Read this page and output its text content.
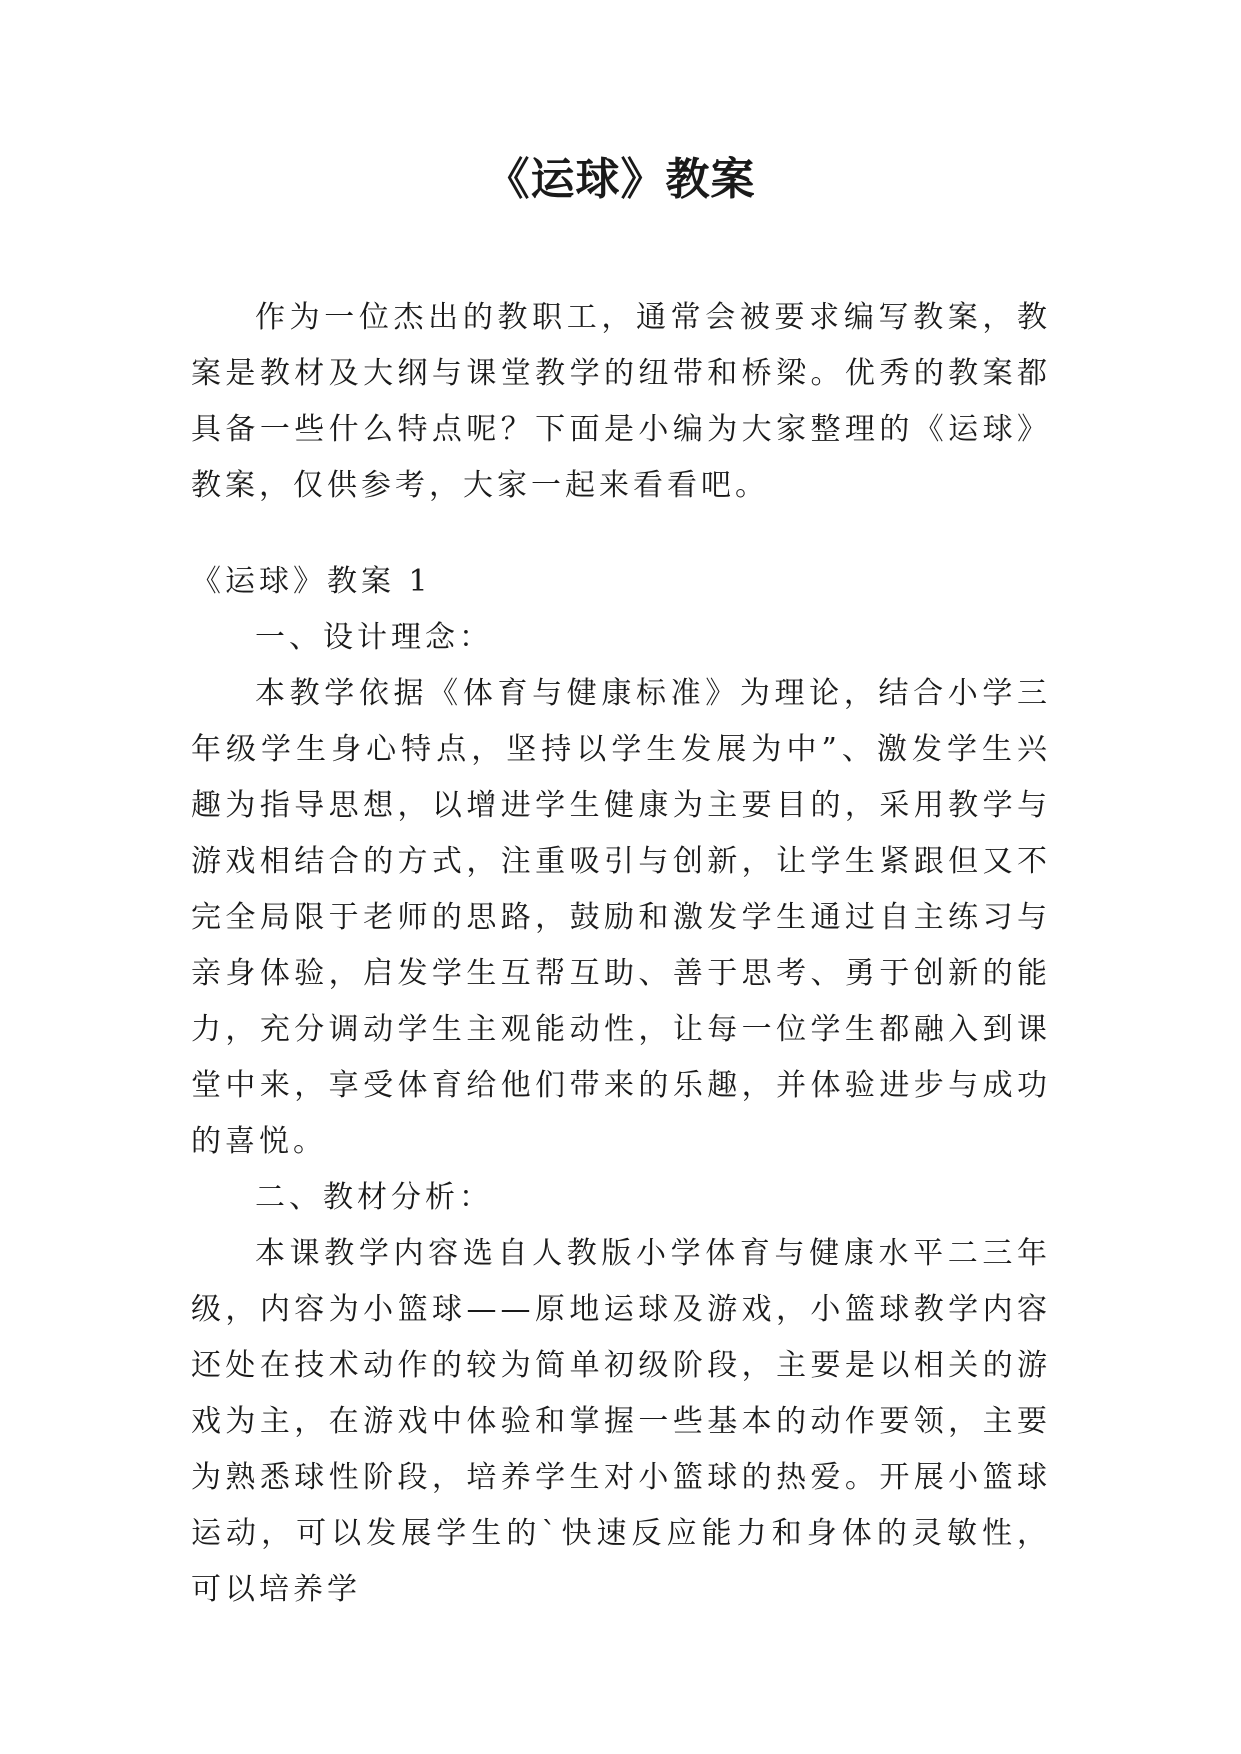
《运球》教案

作为一位杰出的教职工，通常会被要求编写教案，教案是教材及大纲与课堂教学的纽带和桥梁。优秀的教案都具备一些什么特点呢？下面是小编为大家整理的《运球》教案，仅供参考，大家一起来看看吧。

《运球》教案 1

一、设计理念：

本教学依据《体育与健康标准》为理论，结合小学三年级学生身心特点，坚持以学生发展为中”、激发学生兴趣为指导思想，以增进学生健康为主要目的，采用教学与游戏相结合的方式，注重吸引与创新，让学生紧跟但又不完全局限于老师的思路，鼓励和激发学生通过自主练习与亲身体验，启发学生互帮互助、善于思考、勇于创新的能力，充分调动学生主观能动性，让每一位学生都融入到课堂中来，享受体育给他们带来的乐趣，并体验进步与成功的喜悦。

二、教材分析：

本课教学内容选自人教版小学体育与健康水平二三年级，内容为小篮球——原地运球及游戏，小篮球教学内容还处在技术动作的较为简单初级阶段，主要是以相关的游戏为主，在游戏中体验和掌握一些基本的动作要领，主要为熟悉球性阶段，培养学生对小篮球的热爱。开展小篮球运动，可以发展学生的`快速反应能力和身体的灵敏性，可以培养学
